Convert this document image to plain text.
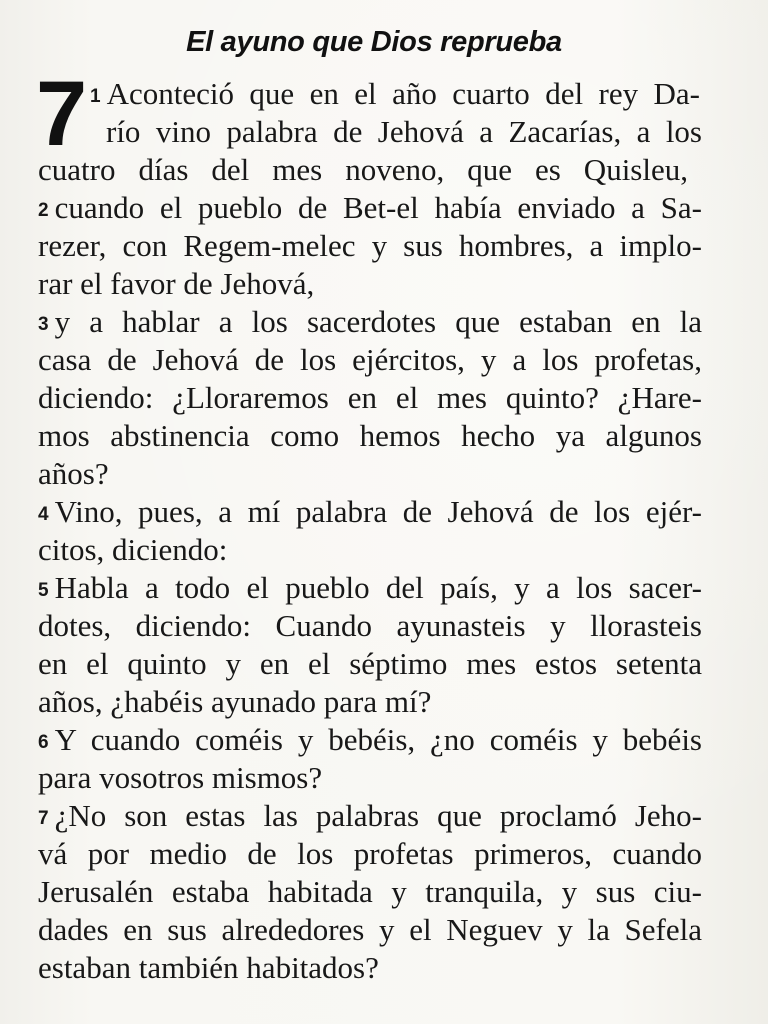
El ayuno que Dios reprueba
7 1 Aconteció que en el año cuarto del rey Da-
río vino palabra de Jehová a Zacarías, a los
cuatro días del mes noveno, que es Quisleu,
2 cuando el pueblo de Bet-el había enviado a Sa-
rezer, con Regem-melec y sus hombres, a implo-
rar el favor de Jehová,
3 y a hablar a los sacerdotes que estaban en la
casa de Jehová de los ejércitos, y a los profetas,
diciendo: ¿Lloraremos en el mes quinto? ¿Hare-
mos abstinencia como hemos hecho ya algunos
años?
4 Vino, pues, a mí palabra de Jehová de los ejér-
citos, diciendo:
5 Habla a todo el pueblo del país, y a los sacer-
dotes, diciendo: Cuando ayunasteis y llorasteis
en el quinto y en el séptimo mes estos setenta
años, ¿habéis ayunado para mí?
6 Y cuando coméis y bebéis, ¿no coméis y bebéis
para vosotros mismos?
7 ¿No son estas las palabras que proclamó Jeho-
vá por medio de los profetas primeros, cuando
Jerusalén estaba habitada y tranquila, y sus ciu-
dades en sus alrededores y el Neguev y la Sefela
estaban también habitados?
